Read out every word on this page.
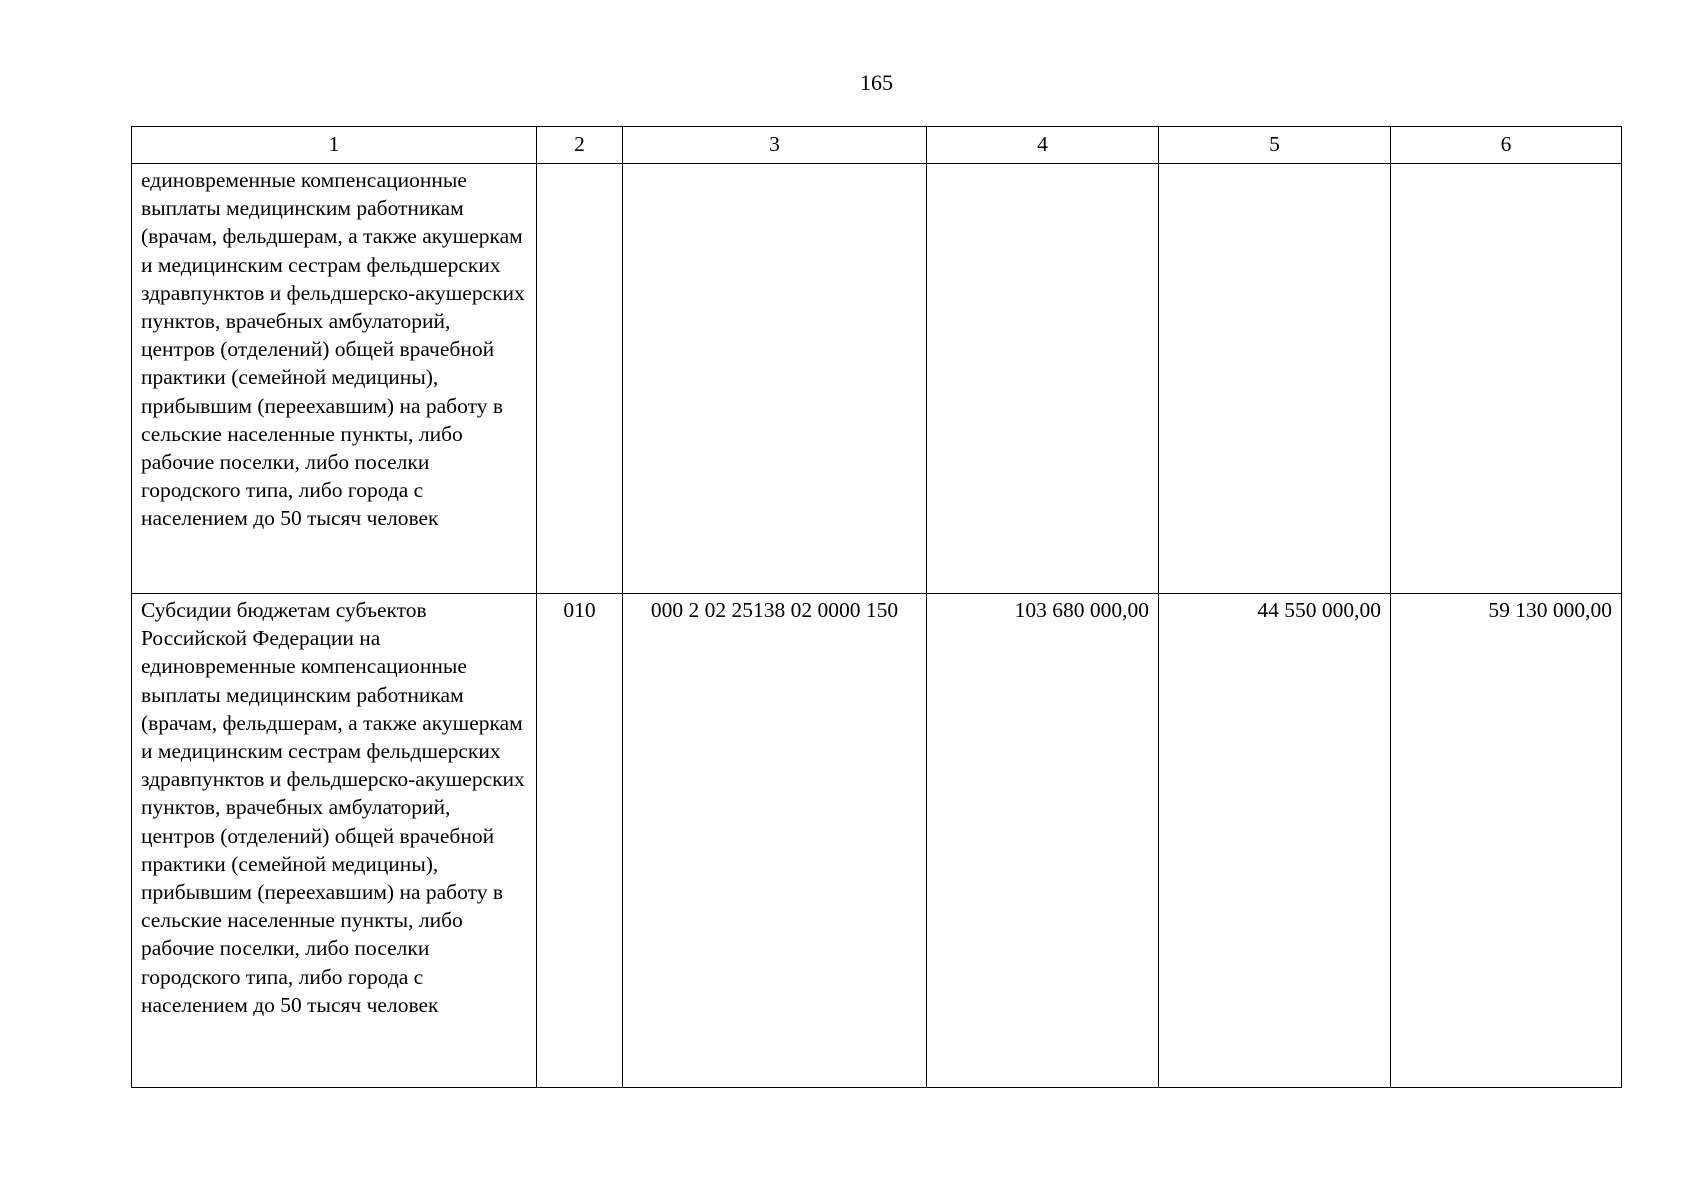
165
1	2	3	4	5	6
единовременные компенсационные выплаты медицинским работникам (врачам, фельдшерам, а также акушеркам и медицинским сестрам фельдшерских здравпунктов и фельдшерско-акушерских пунктов, врачебных амбулаторий, центров (отделений) общей врачебной практики (семейной медицины), прибывшим (переехавшим) на работу в сельские населенные пункты, либо рабочие поселки, либо поселки городского типа, либо города с населением до 50 тысяч человек					
Субсидии бюджетам субъектов Российской Федерации на единовременные компенсационные выплаты медицинским работникам (врачам, фельдшерам, а также акушеркам и медицинским сестрам фельдшерских здравпунктов и фельдшерско-акушерских пунктов, врачебных амбулаторий, центров (отделений) общей врачебной практики (семейной медицины), прибывшим (переехавшим) на работу в сельские населенные пункты, либо рабочие поселки, либо поселки городского типа, либо города с населением до 50 тысяч человек	010	000 2 02 25138 02 0000 150	103 680 000,00	44 550 000,00	59 130 000,00
